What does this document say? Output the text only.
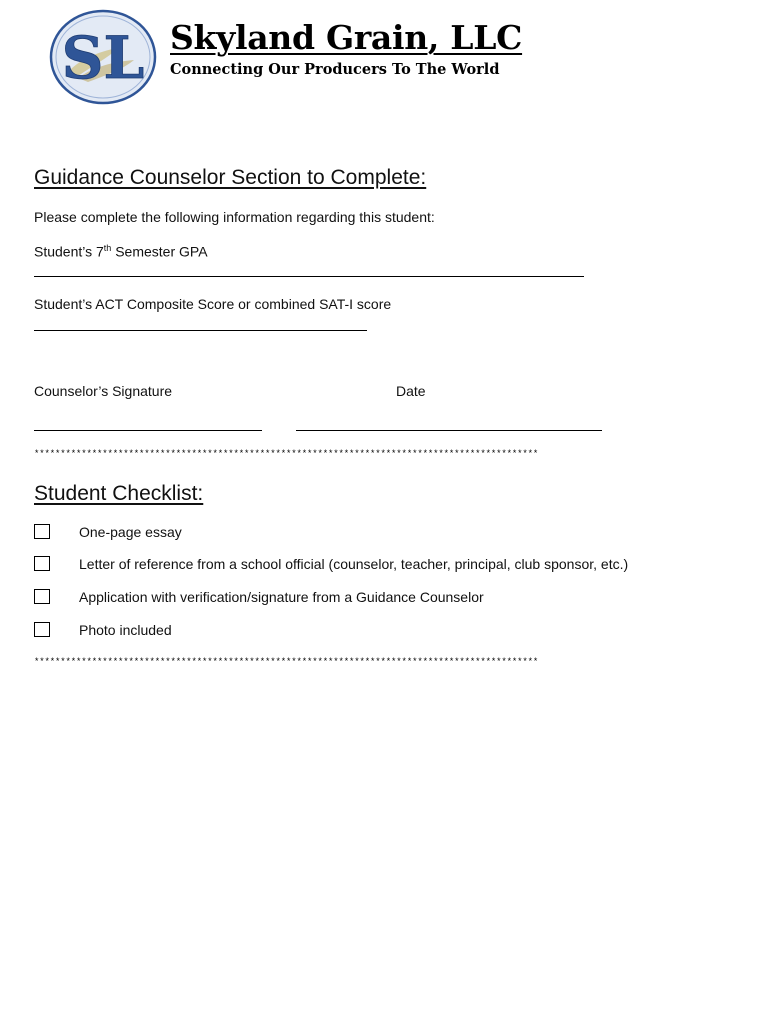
SL Skyland Grain, LLC
Connecting Our Producers To The World
Guidance Counselor Section to Complete:
Please complete the following information regarding this student:
Student’s 7th Semester GPA
Student’s ACT Composite Score or combined SAT-I score
Counselor’s Signature	Date
************************************************************************************************
Student Checklist:
One-page essay
Letter of reference from a school official (counselor, teacher, principal, club sponsor, etc.)
Application with verification/signature from a Guidance Counselor
Photo included
************************************************************************************************
